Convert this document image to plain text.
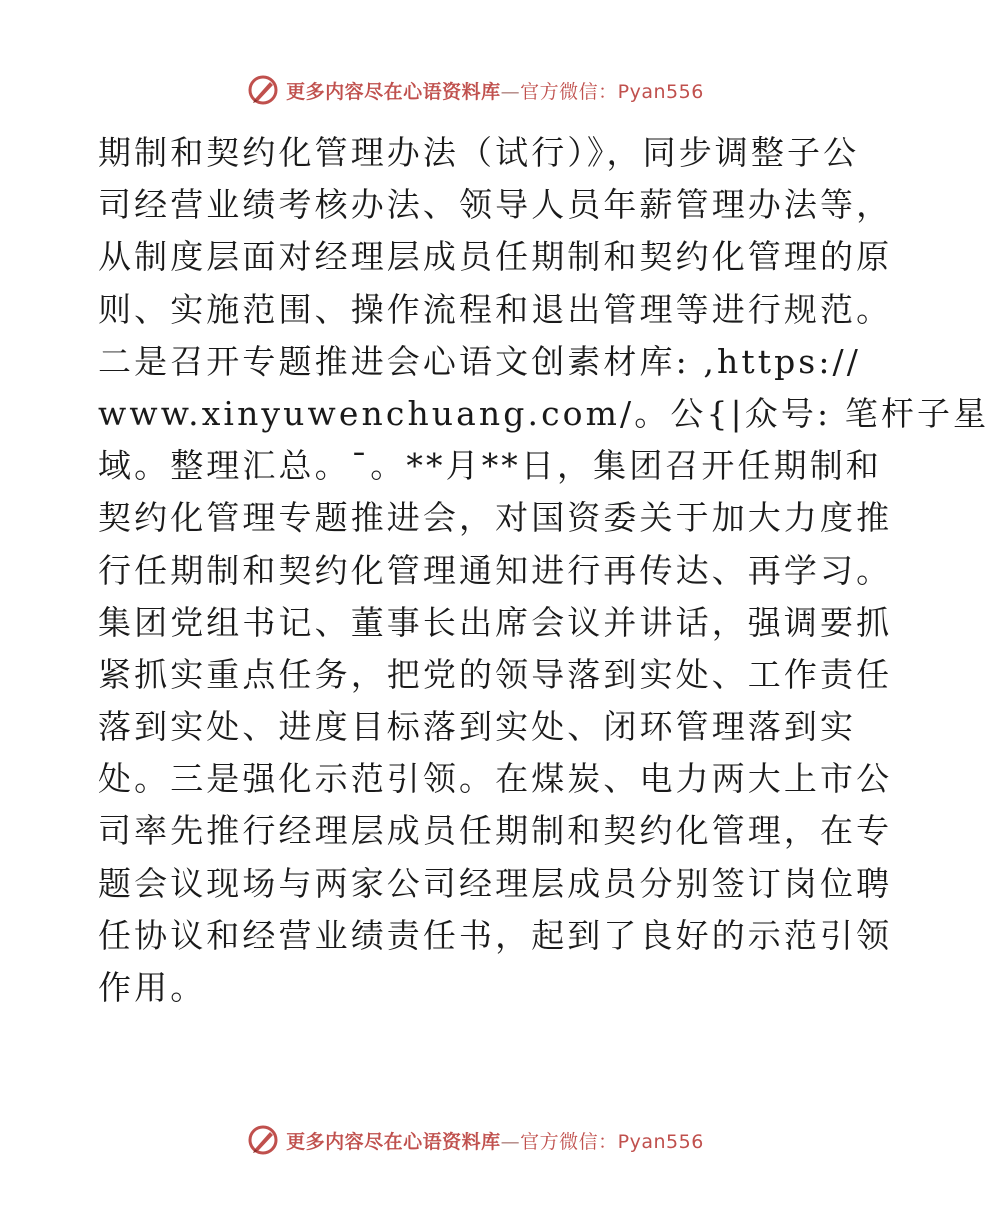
更多内容尽在心语资料库—官方微信：Pyan556
期制和契约化管理办法（试行）》，同步调整子公
司经营业绩考核办法、领导人员年薪管理办法等，
从制度层面对经理层成员任期制和契约化管理的原
则、实施范围、操作流程和退出管理等进行规范。
二是召开专题推进会心语文创素材库: ,https://
www.xinyuwenchuang.com/。公{|众号: 笔杆子星
域。整理汇总。¯。**月**日，集团召开任期制和
契约化管理专题推进会，对国资委关于加大力度推
行任期制和契约化管理通知进行再传达、再学习。
集团党组书记、董事长出席会议并讲话，强调要抓
紧抓实重点任务，把党的领导落到实处、工作责任
落到实处、进度目标落到实处、闭环管理落到实
处。三是强化示范引领。在煤炭、电力两大上市公
司率先推行经理层成员任期制和契约化管理，在专
题会议现场与两家公司经理层成员分别签订岗位聘
任协议和经营业绩责任书，起到了良好的示范引领
作用。
更多内容尽在心语资料库—官方微信：Pyan556
